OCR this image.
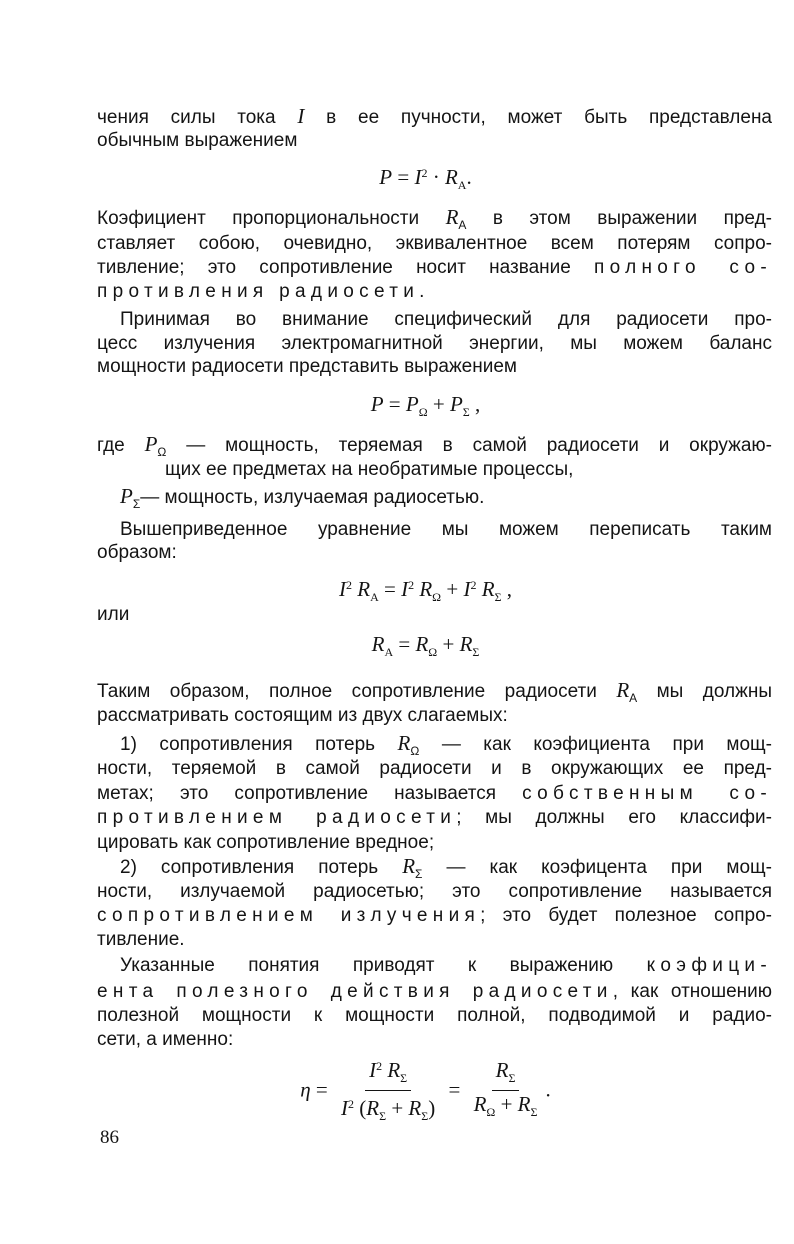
чения силы тока I в ее пучности, может быть представлена
обычным выражением
$P = I^2 \cdot R_A$.
Коэфициент пропорциональности $R_A$ в этом выражении пред-
ставляет собою, очевидно, эквивалентное всем потерям сопро-
тивление; это сопротивление носит название полного со-
противления радиосети.
Принимая во внимание специфический для радиосети про-
цесс излучения электромагнитной энергии, мы можем баланс
мощности радиосети представить выражением
$P = P_\Omega + P_\Sigma$ ,
где $P_\Omega$ — мощность, теряемая в самой радиосети и окружаю-
щих ее предметах на необратимые процессы,
$P_\Sigma—$ мощность, излучаемая радиосетью.
Вышеприведенное уравнение мы можем переписать таким
образом:
$I^2$ $R_A = I^2$ $R_\Omega + I^2$ $R_\Sigma$ ,
или
$R_A = R_\Omega + R_\Sigma$
Таким образом, полное сопротивление радиосети $R_A$ мы должны
рассматривать состоящим из двух слагаемых:
1) сопротивления потерь $R_\Omega$ — как коэфициента при мощ-
ности, теряемой в самой радиосети и в окружающих ее пред-
метах; это сопротивление называется собственным со-
противлением радиосети; мы должны его классифи-
цировать как сопротивление вредное;
2) сопротивления потерь $R_\Sigma$ — как коэфицента при мощ-
ности, излучаемой радиосетью; это сопротивление называется
сопротивлением излучения; это будет полезное сопро-
тивление.
Указанные понятия приводят к выражению коэфици-
ента полезного действия радиосети, как отношению
полезной мощности к мощности полной, подводимой и радио-
сети, а именно:
$\eta = \frac{I^2 R_\Sigma}{I^2 (R_\Sigma + R_\Sigma)} = \frac{R_\Sigma}{R_\Omega + R_\Sigma}$ .
86
